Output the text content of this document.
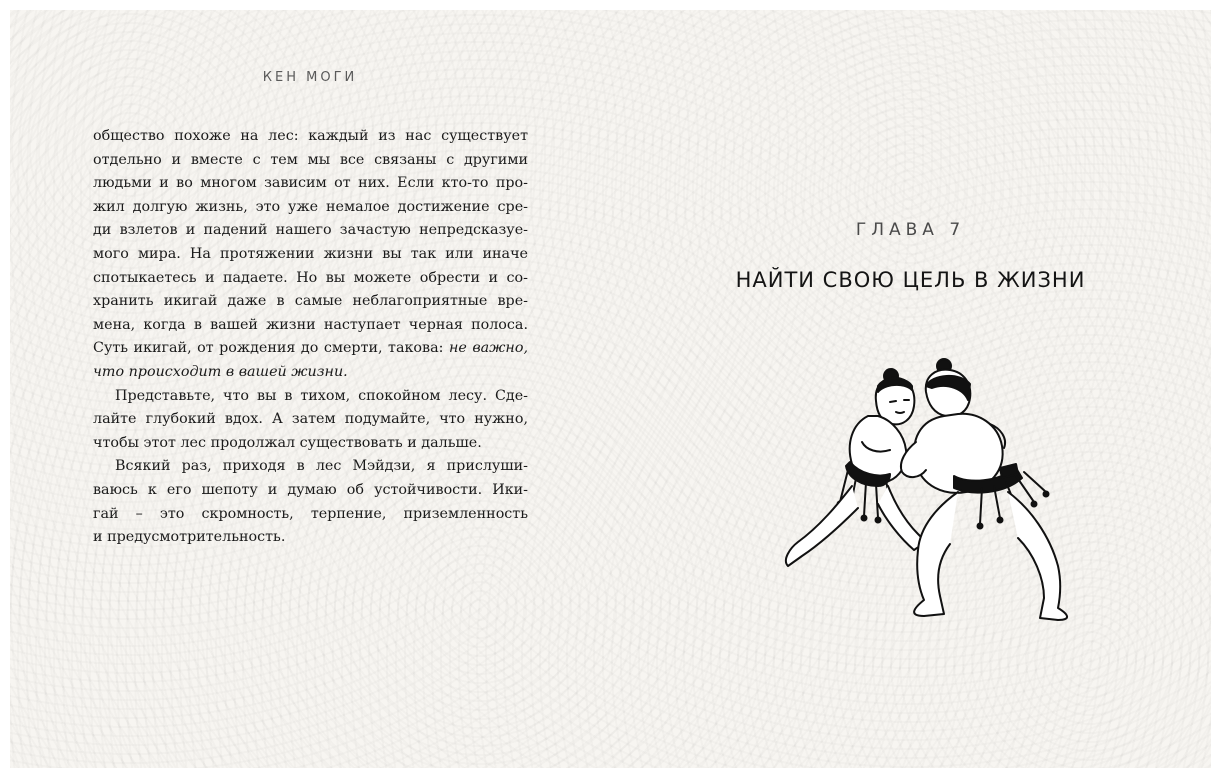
КЕН МОГИ
общество похоже на лес: каждый из нас существует
отдельно и вместе с тем мы все связаны с другими
людьми и во многом зависим от них. Если кто-то про-
жил долгую жизнь, это уже немалое достижение сре-
ди взлетов и падений нашего зачастую непредсказуе-
мого мира. На протяжении жизни вы так или иначе
спотыкаетесь и падаете. Но вы можете обрести и со-
хранить икигай даже в самые неблагоприятные вре-
мена, когда в вашей жизни наступает черная полоса.
Суть икигай, от рождения до смерти, такова: не важно,
что происходит в вашей жизни.
Представьте, что вы в тихом, спокойном лесу. Сде-
лайте глубокий вдох. А затем подумайте, что нужно,
чтобы этот лес продолжал существовать и дальше.
Всякий раз, приходя в лес Мэйдзи, я прислуши-
ваюсь к его шепоту и думаю об устойчивости. Ики-
гай – это скромность, терпение, приземленность
и предусмотрительность.
ГЛАВА 7
НАЙТИ СВОЮ ЦЕЛЬ В ЖИЗНИ
